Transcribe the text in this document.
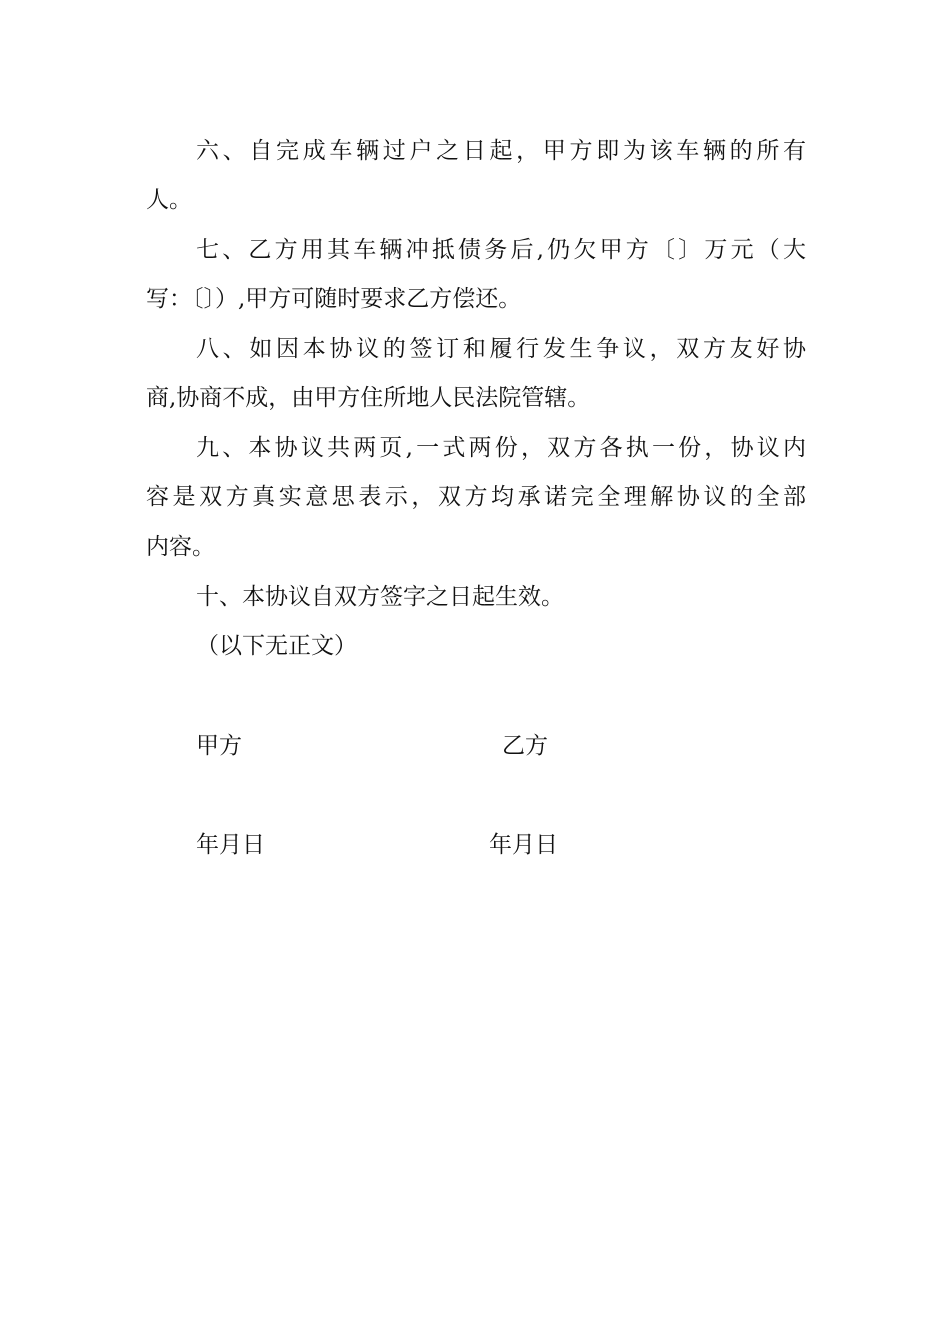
六、自完成车辆过户之日起，甲方即为该车辆的所有
人。
七、乙方用其车辆冲抵债务后,仍欠甲方〔〕万元（大
写：〔〕）,甲方可随时要求乙方偿还。
八、如因本协议的签订和履行发生争议，双方友好协
商,协商不成，由甲方住所地人民法院管辖。
九、本协议共两页,一式两份，双方各执一份，协议内
容是双方真实意思表示，双方均承诺完全理解协议的全部
内容。
十、本协议自双方签字之日起生效。
（以下无正文）
甲方	乙方
年月日	年月日
